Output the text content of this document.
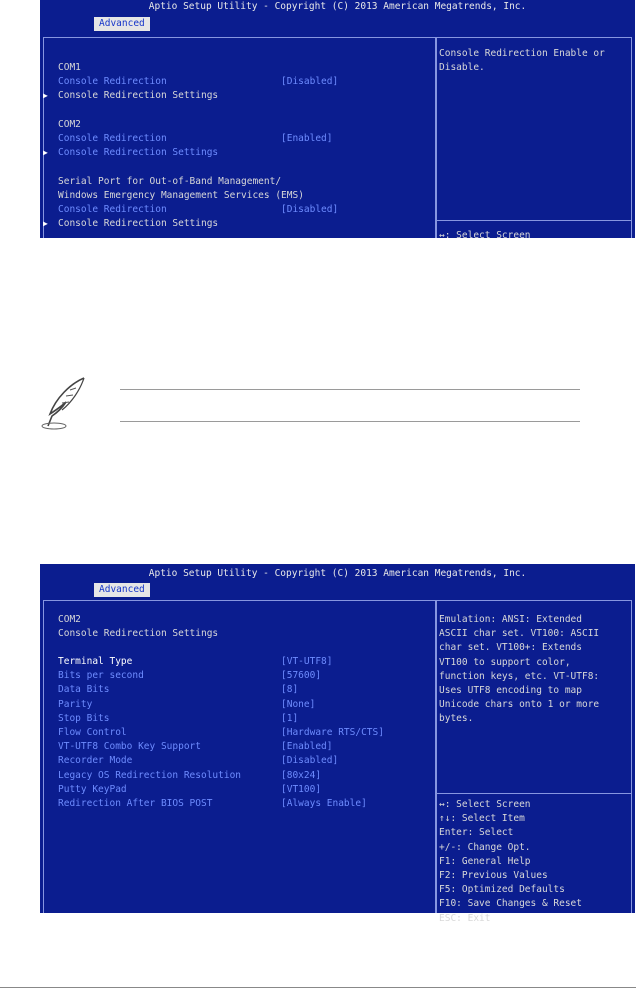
Aptio Setup Utility - Copyright (C) 2013 American Megatrends, Inc.
Advanced
COM1
Console Redirection	[Disabled]
▶ Console Redirection Settings
COM2
Console Redirection	[Enabled]
▶ Console Redirection Settings
Serial Port for Out-of-Band Management/
Windows Emergency Management Services (EMS)
Console Redirection	[Disabled]
▶ Console Redirection Settings
Console Redirection Enable or
Disable.
↔: Select Screen
Aptio Setup Utility - Copyright (C) 2013 American Megatrends, Inc.
Advanced
COM2
Console Redirection Settings
Terminal Type	[VT-UTF8]
Bits per second	[57600]
Data Bits	[8]
Parity	[None]
Stop Bits	[1]
Flow Control	[Hardware RTS/CTS]
VT-UTF8 Combo Key Support	[Enabled]
Recorder Mode	[Disabled]
Legacy OS Redirection Resolution	[80x24]
Putty KeyPad	[VT100]
Redirection After BIOS POST	[Always Enable]
Emulation: ANSI: Extended
ASCII char set. VT100: ASCII
char set. VT100+: Extends
VT100 to support color,
function keys, etc. VT-UTF8:
Uses UTF8 encoding to map
Unicode chars onto 1 or more
bytes.
↔: Select Screen
↑↓: Select Item
Enter: Select
+/-: Change Opt.
F1: General Help
F2: Previous Values
F5: Optimized Defaults
F10: Save Changes & Reset
ESC: Exit
